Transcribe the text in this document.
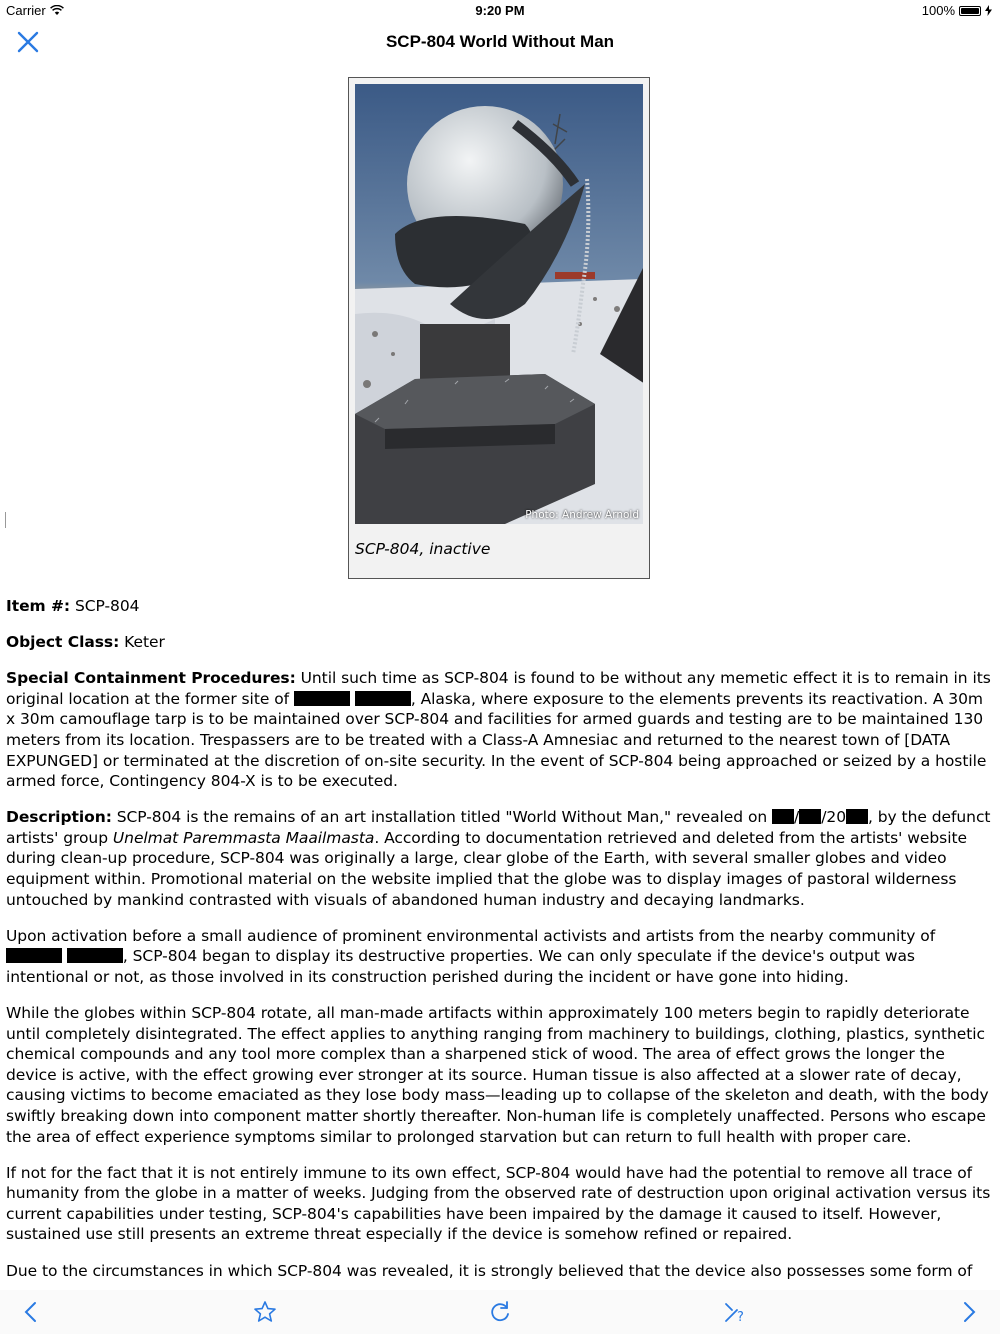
Carrier	9:20 PM	100%
SCP-804 World Without Man
Photo: Andrew Arnold
SCP-804, inactive

Item #: SCP-804

Object Class: Keter

Special Containment Procedures: Until such time as SCP-804 is found to be without any memetic effect it is to remain in its original location at the former site of	, Alaska, where exposure to the elements prevents its reactivation. A 30m x 30m camouflage tarp is to be maintained over SCP-804 and facilities for armed guards and testing are to be maintained 130 meters from its location. Trespassers are to be treated with a Class-A Amnesiac and returned to the nearest town of [DATA EXPUNGED] or terminated at the discretion of on-site security. In the event of SCP-804 being approached or seized by a hostile armed force, Contingency 804-X is to be executed.

Description: SCP-804 is the remains of an art installation titled "World Without Man," revealed on / /20 , by the defunct artists' group Unelmat Paremmasta Maailmasta. According to documentation retrieved and deleted from the artists' website during clean-up procedure, SCP-804 was originally a large, clear globe of the Earth, with several smaller globes and video equipment within. Promotional material on the website implied that the globe was to display images of pastoral wilderness untouched by mankind contrasted with visuals of abandoned human industry and decaying landmarks.

Upon activation before a small audience of prominent environmental activists and artists from the nearby community of  , SCP-804 began to display its destructive properties. We can only speculate if the device's output was intentional or not, as those involved in its construction perished during the incident or have gone into hiding.

While the globes within SCP-804 rotate, all man-made artifacts within approximately 100 meters begin to rapidly deteriorate until completely disintegrated. The effect applies to anything ranging from machinery to buildings, clothing, plastics, synthetic chemical compounds and any tool more complex than a sharpened stick of wood. The area of effect grows the longer the device is active, with the effect growing ever stronger at its source. Human tissue is also affected at a slower rate of decay, causing victims to become emaciated as they lose body mass—leading up to collapse of the skeleton and death, with the body swiftly breaking down into component matter shortly thereafter. Non-human life is completely unaffected. Persons who escape the area of effect experience symptoms similar to prolonged starvation but can return to full health with proper care.

If not for the fact that it is not entirely immune to its own effect, SCP-804 would have had the potential to remove all trace of humanity from the globe in a matter of weeks. Judging from the observed rate of destruction upon original activation versus its current capabilities under testing, SCP-804's capabilities have been impaired by the damage it caused to itself. However, sustained use still presents an extreme threat especially if the device is somehow refined or repaired.

Due to the circumstances in which SCP-804 was revealed, it is strongly believed that the device also possesses some form of

?
